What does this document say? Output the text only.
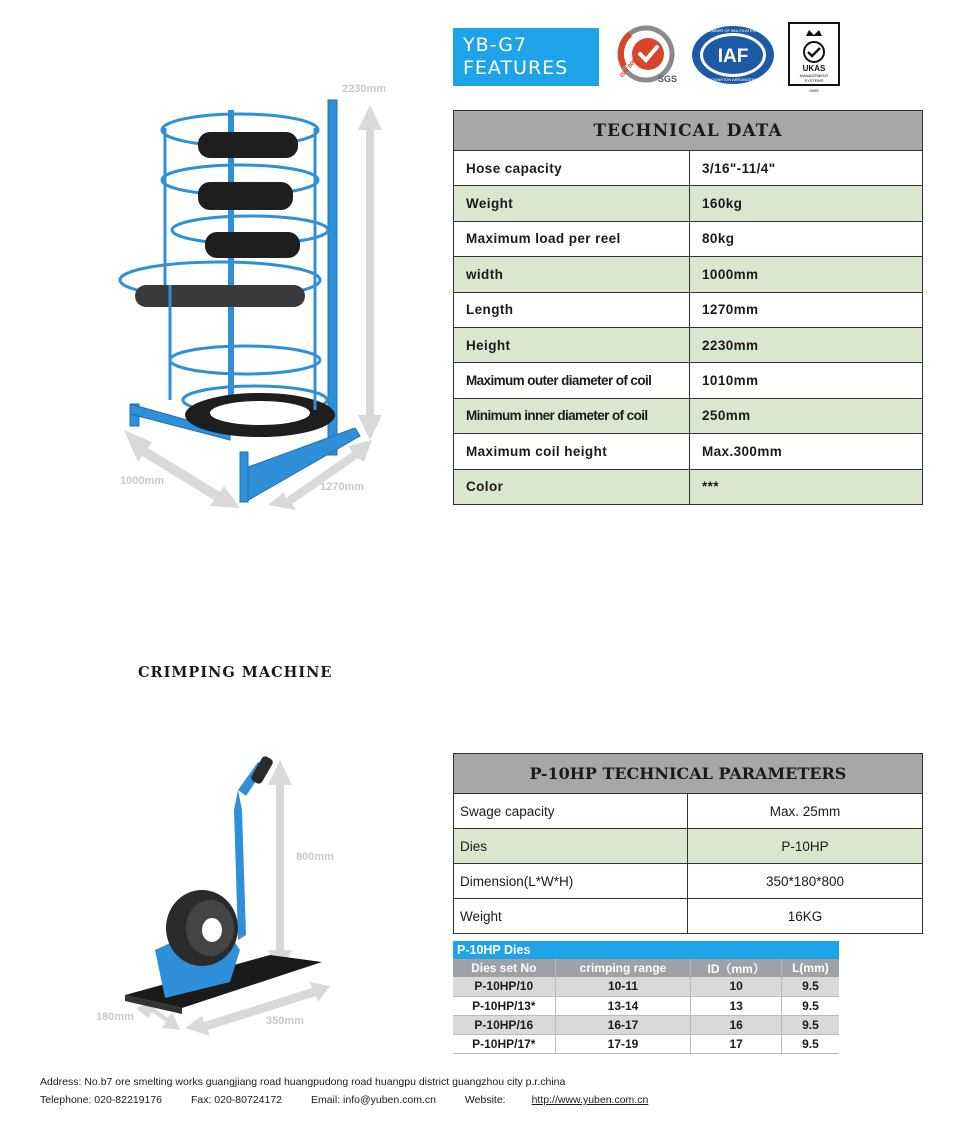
YB-G7
FEATURES	ISO 9001
SGS
IAF
MEMBER OF MULTILATERAL
RECOGNITION ARRANGEMENT
UKAS
MANAGEMENT
SYSTEMS
0005
2230mm
1000mm	1270mm
TECHNICAL DATA	
Hose capacity	3/16"-11/4"
Weight	160kg
Maximum load per reel	80kg
width	1000mm
Length	1270mm
Height	2230mm
Maximum outer diameter of coil	1010mm
Minimum inner diameter of coil	250mm
Maximum coil height	Max.300mm
Color	***
CRIMPING MACHINE
800mm
180mm	350mm
P-10HP TECHNICAL PARAMETERS	
Swage capacity	Max. 25mm
Dies	P-10HP
Dimension(L*W*H)	350*180*800
Weight	16KG
P-10HP Dies
Dies set No	crimping range	ID（mm）	L(mm)
P-10HP/10	10-11	10	9.5
P-10HP/13*	13-14	13	9.5
P-10HP/16	16-17	16	9.5
P-10HP/17*	17-19	17	9.5
Address: No.b7 ore smelting works guangjiang road huangpudong road huangpu district guangzhou city p.r.china
Telephone: 020-82219176	Fax: 020-80724172	Email: info@yuben.com.cn	Website: http://www.yuben.com.cn
